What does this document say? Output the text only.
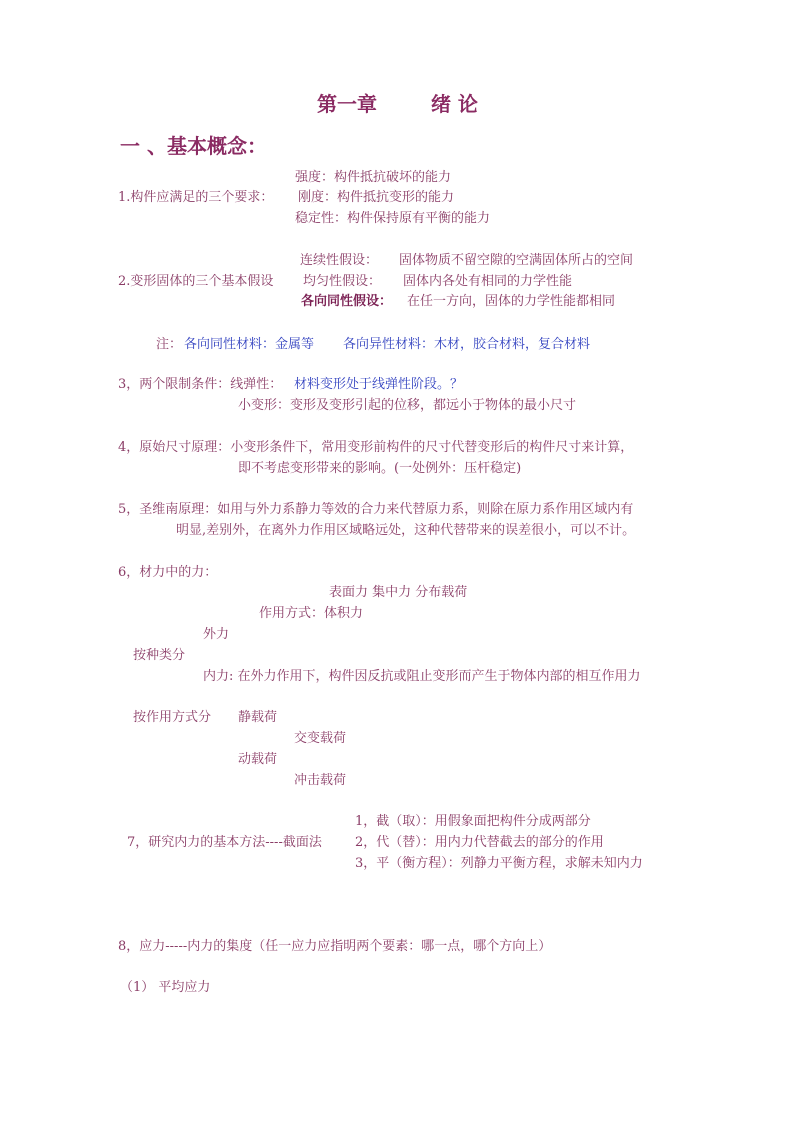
第一章	绪 论
一 、基本概念：
强度：构件抵抗破坏的能力
1.构件应满足的三个要求： 刚度：构件抵抗变形的能力
稳定性：构件保持原有平衡的能力
连续性假设： 固体物质不留空隙的空满固体所占的空间
2.变形固体的三个基本假设 均匀性假设： 固体内各处有相同的力学性能
各向同性假设： 在任一方向，固体的力学性能都相同
注： 各向同性材料：金属等 各向异性材料：木材，胶合材料，复合材料
3，两个限制条件：线弹性： 材料变形处于线弹性阶段。？
小变形：变形及变形引起的位移，都远小于物体的最小尺寸
4，原始尺寸原理：小变形条件下，常用变形前构件的尺寸代替变形后的构件尺寸来计算，
即不考虑变形带来的影响。(一处例外：压杆稳定)
5，圣维南原理：如用与外力系静力等效的合力来代替原力系，则除在原力系作用区域内有
明显,差别外，在离外力作用区域略远处，这种代替带来的误差很小，可以不计。
6，材力中的力：
表面力 集中力 分布载荷
作用方式：体积力
外力
按种类分
内力: 在外力作用下，构件因反抗或阻止变形而产生于物体内部的相互作用力
按作用方式分 静载荷
交变载荷
动载荷
冲击载荷
1，截（取）：用假象面把构件分成两部分
7，研究内力的基本方法----截面法	2，代（替）：用内力代替截去的部分的作用
3，平（衡方程）：列静力平衡方程，求解未知内力
8，应力-----内力的集度（任一应力应指明两个要素：哪一点，哪个方向上）
（1） 平均应力
